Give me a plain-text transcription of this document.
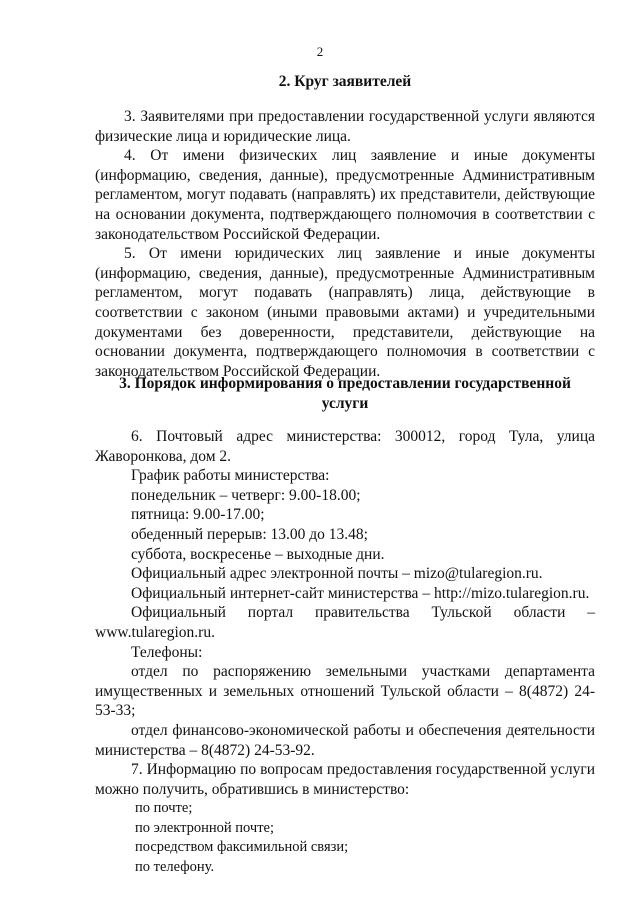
2
2. Круг заявителей

3. Заявителями при предоставлении государственной услуги являются физические лица и юридические лица.

4. От имени физических лиц заявление и иные документы (информацию, сведения, данные), предусмотренные Административным регламентом, могут подавать (направлять) их представители, действующие на основании документа, подтверждающего полномочия в соответствии с законодательством Российской Федерации.

5. От имени юридических лиц заявление и иные документы (информацию, сведения, данные), предусмотренные Административным регламентом, могут подавать (направлять) лица, действующие в соответствии с законом (иными правовыми актами) и учредительными документами без доверенности, представители, действующие на основании документа, подтверждающего полномочия в соответствии с законодательством Российской Федерации.

3. Порядок информирования о предоставлении государственной
услуги

6. Почтовый адрес министерства: 300012, город Тула, улица Жаворонкова, дом 2.

График работы министерства:

понедельник – четверг: 9.00-18.00;

пятница: 9.00-17.00;

обеденный перерыв: 13.00 до 13.48;

суббота, воскресенье – выходные дни.

Официальный адрес электронной почты – mizo@tularegion.ru.

Официальный интернет-сайт министерства – http://mizo.tularegion.ru.

Официальный портал правительства Тульской области – www.tularegion.ru.

Телефоны:

отдел по распоряжению земельными участками департамента имущественных и земельных отношений Тульской области – 8(4872) 24-53-33;

отдел финансово-экономической работы и обеспечения деятельности министерства – 8(4872) 24-53-92.

7. Информацию по вопросам предоставления государственной услуги можно получить, обратившись в министерство:

по почте;

по электронной почте;

посредством факсимильной связи;

по телефону.
